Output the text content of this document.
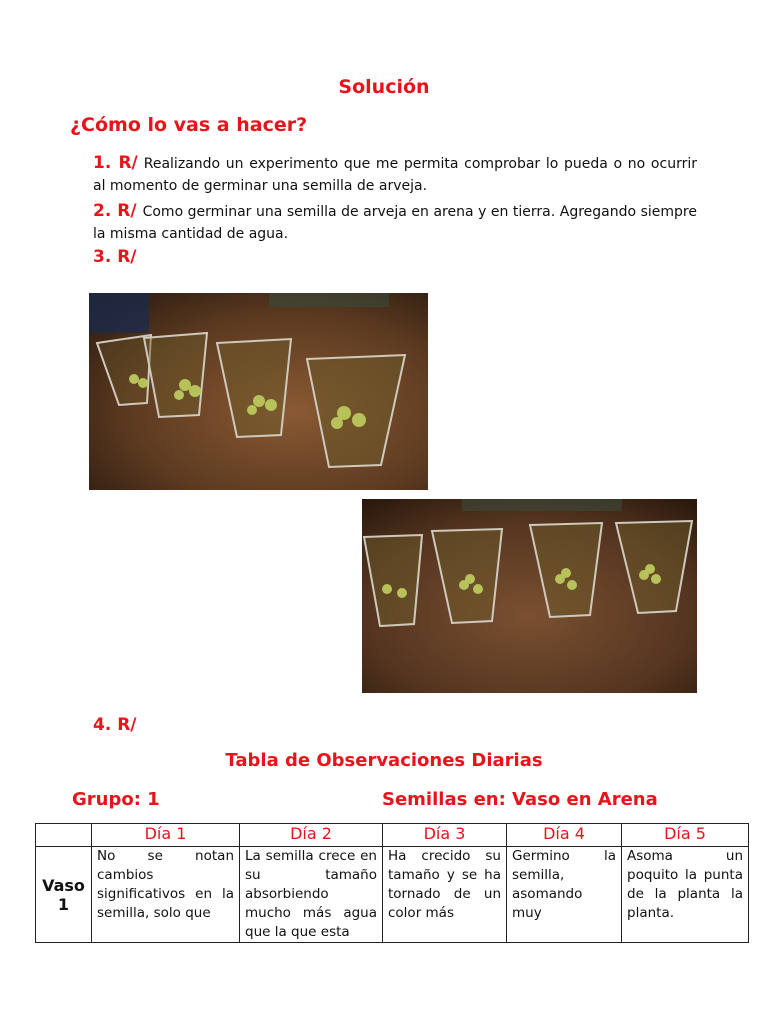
Solución
¿Cómo lo vas a hacer?
1. R/ Realizando un experimento que me permita comprobar lo pueda o no ocurrir al momento de germinar una semilla de arveja.
2. R/ Como germinar una semilla de arveja en arena y en tierra. Agregando siempre la misma cantidad de agua.
3. R/
4. R/
Tabla de Observaciones Diarias
Grupo: 1	Semillas en: Vaso en Arena
	Día 1	Día 2	Día 3	Día 4	Día 5
Vaso 1	No se notan cambios significativos en la semilla, solo que	La semilla crece en su tamaño absorbiendo mucho más agua que la que esta	Ha crecido su tamaño y se ha tornado de un color más	Germino la semilla, asomando muy	Asoma un poquito la punta de la planta la planta.
